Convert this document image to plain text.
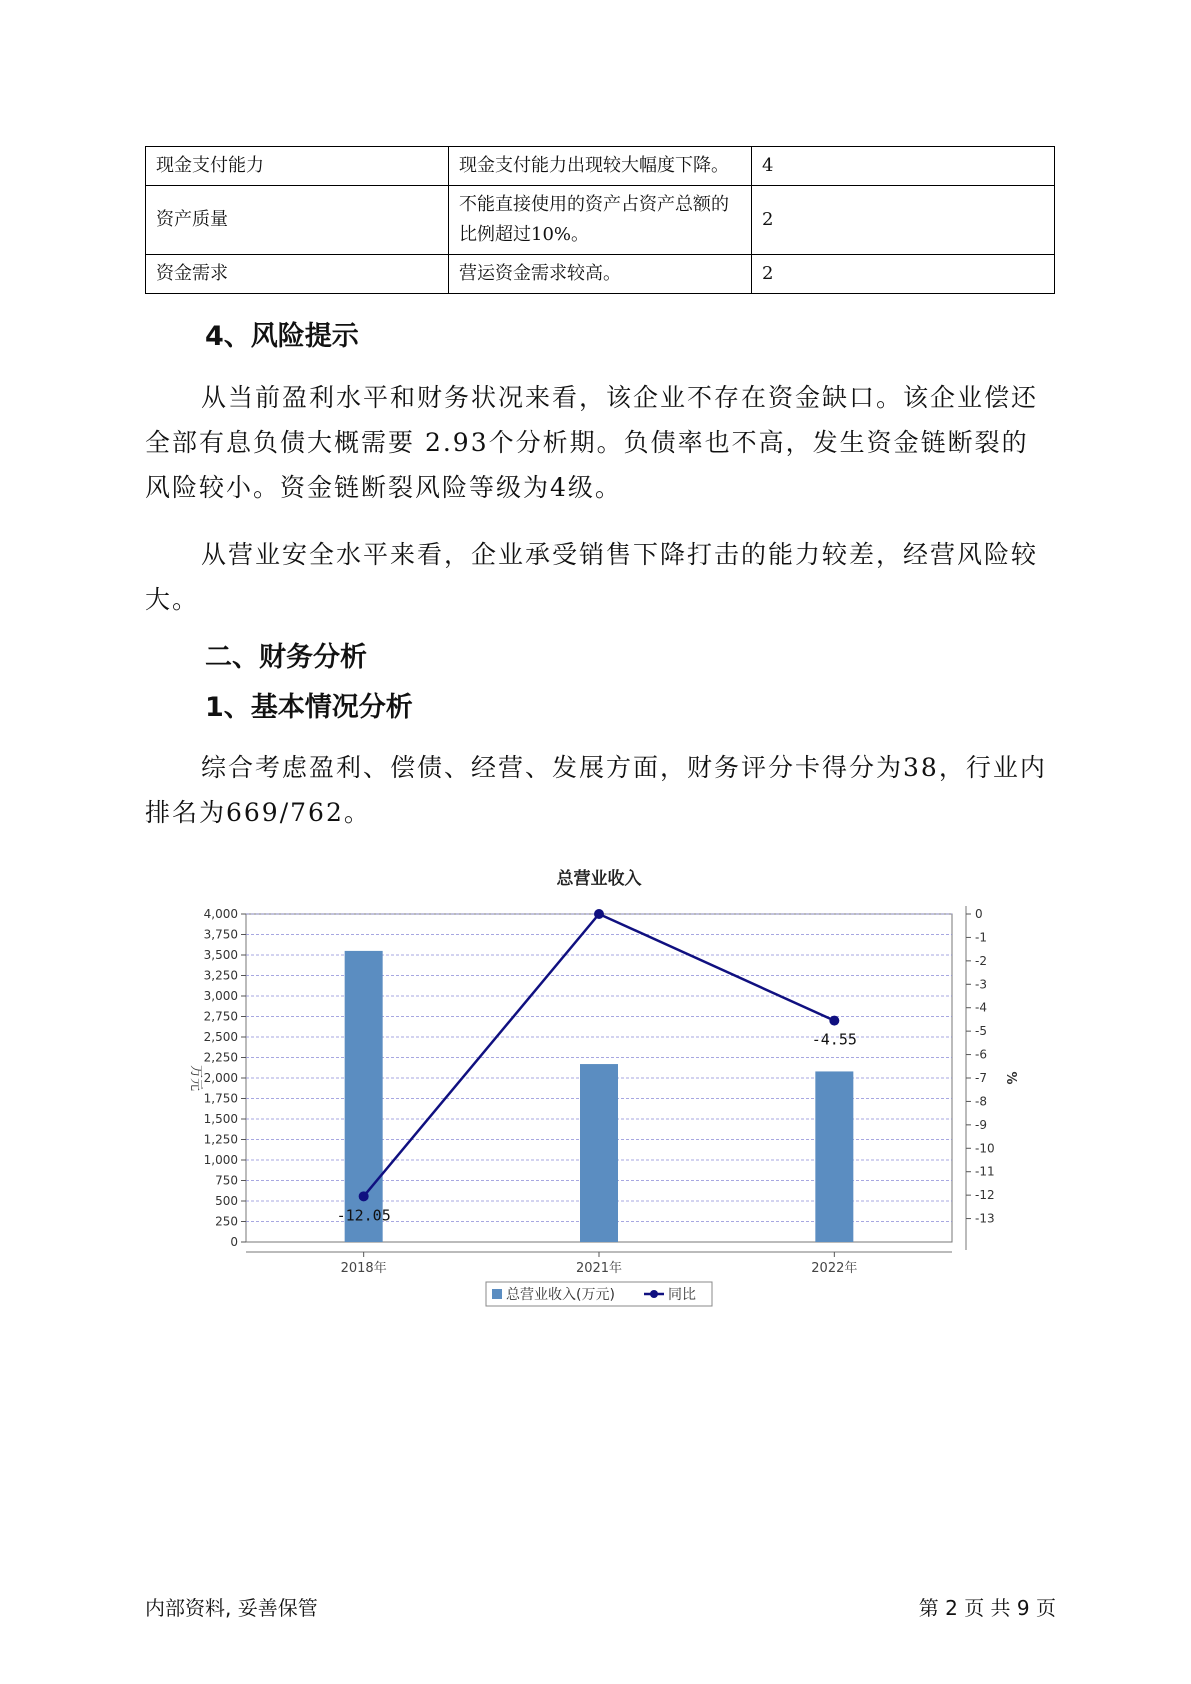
现金支付能力	现金支付能力出现较大幅度下降。	4
资产质量	不能直接使用的资产占资产总额的比例超过10%。	2
资金需求	营运资金需求较高。	2
4、风险提示

从当前盈利水平和财务状况来看，该企业不存在资金缺口。该企业偿还全部有息负债大概需要 2.93个分析期。负债率也不高，发生资金链断裂的风险较小。资金链断裂风险等级为4级。

从营业安全水平来看，企业承受销售下降打击的能力较差，经营风险较大。

二、财务分析
1、基本情况分析

综合考虑盈利、偿债、经营、发展方面，财务评分卡得分为38，行业内排名为669/762。

总营业收入
0
250
500
750
1,000
1,250
1,500
1,750
2,000
2,250
2,500
2,750
3,000
3,250
3,500
3,750
4,000	0
-1
-2
-3
-4
-5
-6
-7
-8
-9
-10
-11
-12
-13
万元	%
2018年	2021年	2022年
-12.05
-4.55
总营业收入(万元)	同比
内部资料, 妥善保管	第 2 页 共 9 页
